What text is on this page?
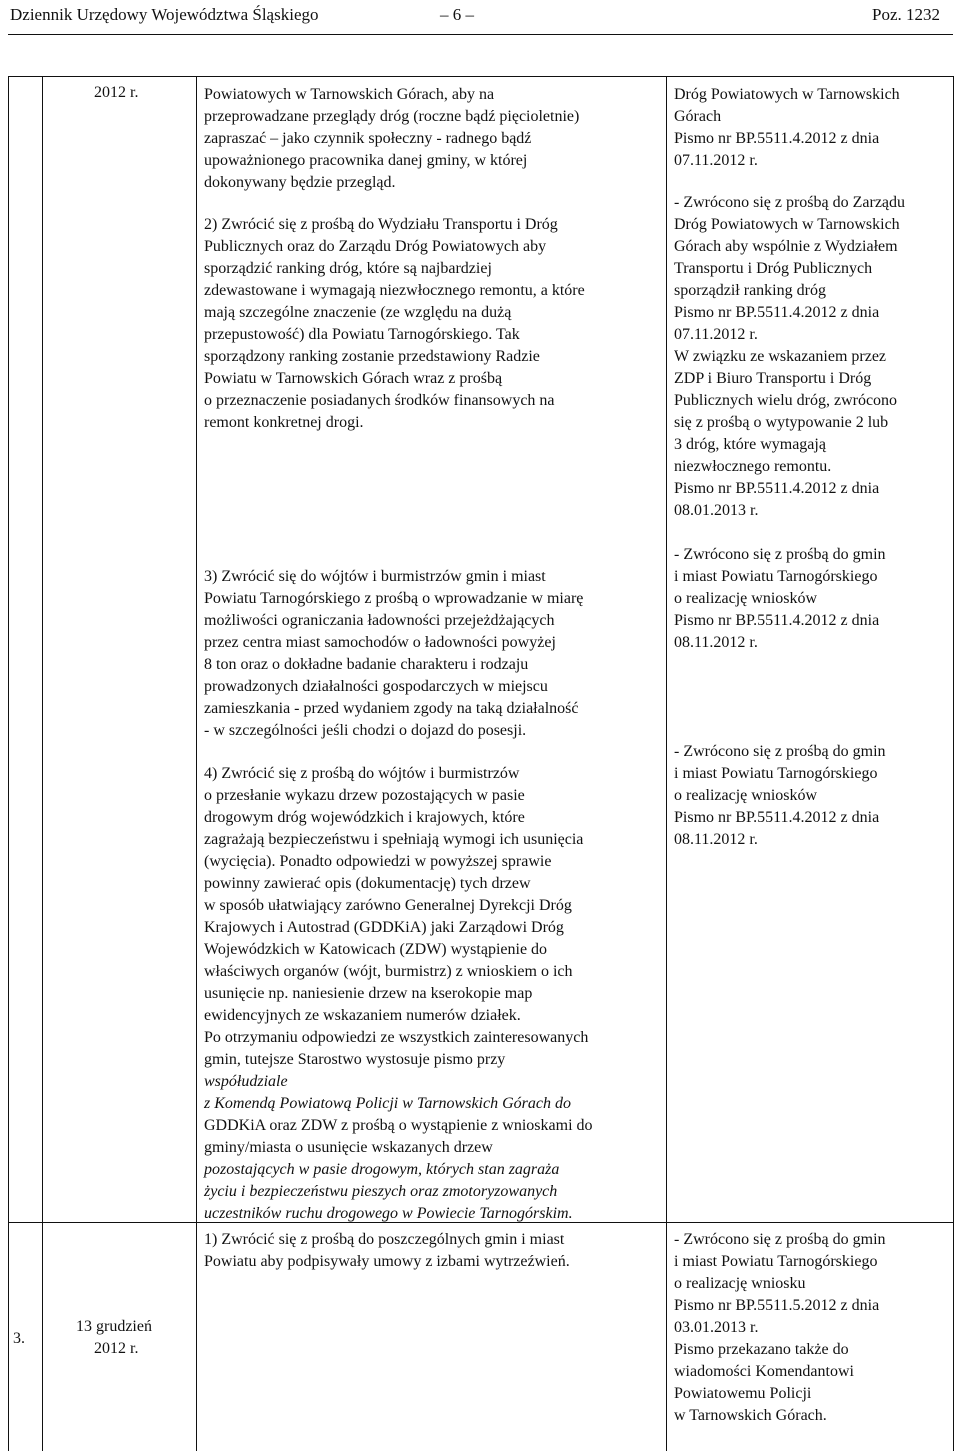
Dziennik Urzędowy Województwa Śląskiego	– 6 –	Poz. 1232
2012 r.
3.
13 grudzień
2012 r.
Powiatowych w Tarnowskich Górach, aby na
przeprowadzane przeglądy dróg (roczne bądź pięcioletnie)
zapraszać – jako czynnik społeczny - radnego bądź
upoważnionego pracownika danej gminy, w której
dokonywany będzie przegląd.
2) Zwrócić się z prośbą do Wydziału Transportu i Dróg
Publicznych oraz do Zarządu Dróg Powiatowych aby
sporządzić ranking dróg, które są najbardziej
zdewastowane i wymagają niezwłocznego remontu, a które
mają szczególne znaczenie (ze względu na dużą
przepustowość) dla Powiatu Tarnogórskiego. Tak
sporządzony ranking zostanie przedstawiony Radzie
Powiatu w Tarnowskich Górach wraz z prośbą
o przeznaczenie posiadanych środków finansowych na
remont konkretnej drogi.
3) Zwrócić się do wójtów i burmistrzów gmin i miast
Powiatu Tarnogórskiego z prośbą o wprowadzanie w miarę
możliwości ograniczania ładowności przejeżdżających
przez centra miast samochodów o ładowności powyżej
8 ton oraz o dokładne badanie charakteru i rodzaju
prowadzonych działalności gospodarczych w miejscu
zamieszkania - przed wydaniem zgody na taką działalność
- w szczególności jeśli chodzi o dojazd do posesji.
4) Zwrócić się z prośbą do wójtów i burmistrzów
o przesłanie wykazu drzew pozostających w pasie
drogowym dróg wojewódzkich i krajowych, które
zagrażają bezpieczeństwu i spełniają wymogi ich usunięcia
(wycięcia). Ponadto odpowiedzi w powyższej sprawie
powinny zawierać opis (dokumentację) tych drzew
w sposób ułatwiający zarówno Generalnej Dyrekcji Dróg
Krajowych i Autostrad (GDDKiA) jaki Zarządowi Dróg
Wojewódzkich w Katowicach (ZDW) wystąpienie do
właściwych organów (wójt, burmistrz) z wnioskiem o ich
usunięcie np. naniesienie drzew na kserokopie map
ewidencyjnych ze wskazaniem numerów działek.
Po otrzymaniu odpowiedzi ze wszystkich zainteresowanych
gmin, tutejsze Starostwo wystosuje pismo przy
współudziale
z Komendą Powiatową Policji w Tarnowskich Górach do
GDDKiA oraz ZDW z prośbą o wystąpienie z wnioskami do
gminy/miasta o usunięcie wskazanych drzew
pozostających w pasie drogowym, których stan zagraża
życiu i bezpieczeństwu pieszych oraz zmotoryzowanych
uczestników ruchu drogowego w Powiecie Tarnogórskim.
1) Zwrócić się z prośbą do poszczególnych gmin i miast
Powiatu aby podpisywały umowy z izbami wytrzeźwień.
Dróg Powiatowych w Tarnowskich
Górach
Pismo nr BP.5511.4.2012 z dnia
07.11.2012 r.
- Zwrócono się z prośbą do Zarządu
Dróg Powiatowych w Tarnowskich
Górach aby wspólnie z Wydziałem
Transportu i Dróg Publicznych
sporządził ranking dróg
Pismo nr BP.5511.4.2012 z dnia
07.11.2012 r.
W związku ze wskazaniem przez
ZDP i Biuro Transportu i Dróg
Publicznych wielu dróg, zwrócono
się z prośbą o wytypowanie 2 lub
3 dróg, które wymagają
niezwłocznego remontu.
Pismo nr BP.5511.4.2012 z dnia
08.01.2013 r.
- Zwrócono się z prośbą do gmin
i miast Powiatu Tarnogórskiego
o realizację wniosków
Pismo nr BP.5511.4.2012 z dnia
08.11.2012 r.
- Zwrócono się z prośbą do gmin
i miast Powiatu Tarnogórskiego
o realizację wniosków
Pismo nr BP.5511.4.2012 z dnia
08.11.2012 r.
- Zwrócono się z prośbą do gmin
i miast Powiatu Tarnogórskiego
o realizację wniosku
Pismo nr BP.5511.5.2012 z dnia
03.01.2013 r.
Pismo przekazano także do
wiadomości Komendantowi
Powiatowemu Policji
w Tarnowskich Górach.
